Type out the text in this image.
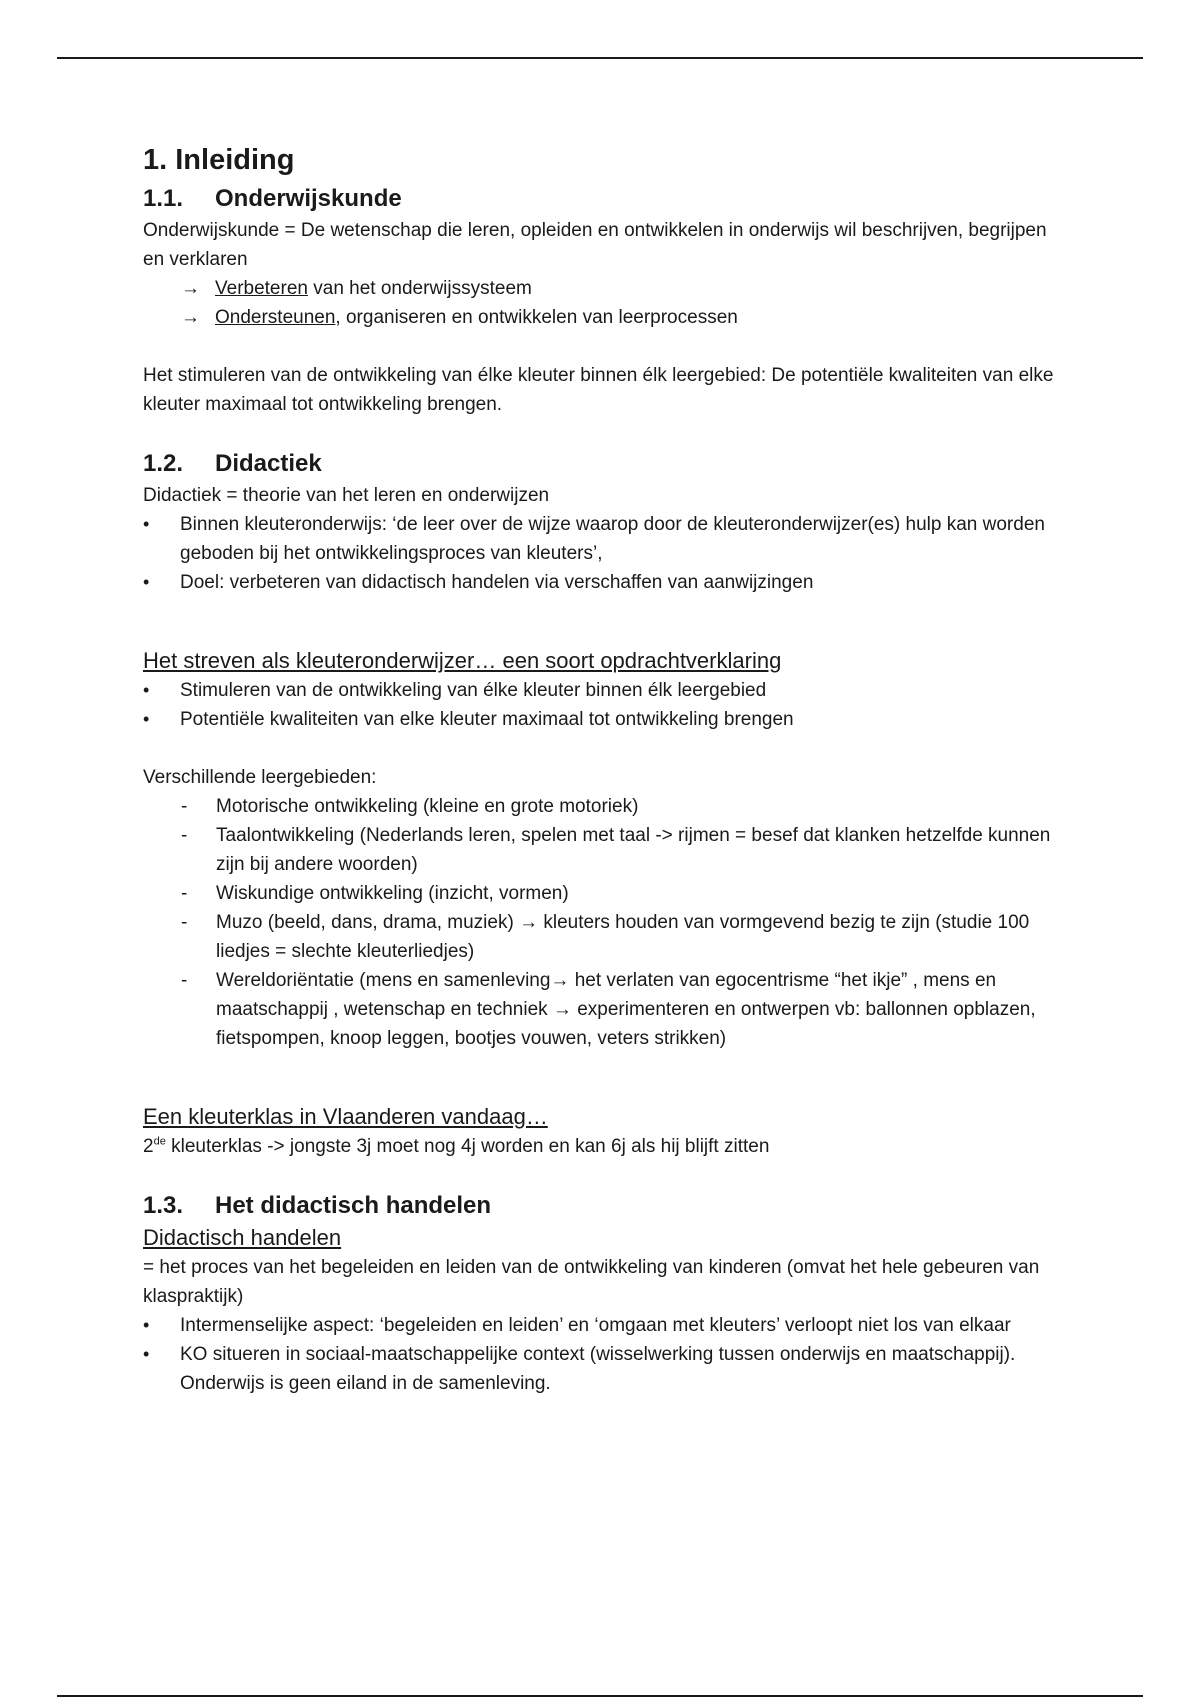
1. Inleiding
1.1. Onderwijskunde

Onderwijskunde = De wetenschap die leren, opleiden en ontwikkelen in onderwijs wil beschrijven, begrijpen en verklaren

→ Verbeteren van het onderwijssysteem
→ Ondersteunen, organiseren en ontwikkelen van leerprocessen

Het stimuleren van de ontwikkeling van élke kleuter binnen élk leergebied: De potentiële kwaliteiten van elke kleuter maximaal tot ontwikkeling brengen.

1.2. Didactiek

Didactiek = theorie van het leren en onderwijzen

• Binnen kleuteronderwijs: ‘de leer over de wijze waarop door de kleuteronderwijzer(es) hulp kan worden geboden bij het ontwikkelingsproces van kleuters’,
• Doel: verbeteren van didactisch handelen via verschaffen van aanwijzingen

Het streven als kleuteronderwijzer… een soort opdrachtverklaring

• Stimuleren van de ontwikkeling van élke kleuter binnen élk leergebied
• Potentiële kwaliteiten van elke kleuter maximaal tot ontwikkeling brengen

Verschillende leergebieden:

- Motorische ontwikkeling (kleine en grote motoriek)
- Taalontwikkeling (Nederlands leren, spelen met taal -> rijmen = besef dat klanken hetzelfde kunnen zijn bij andere woorden)
- Wiskundige ontwikkeling (inzicht, vormen)
- Muzo (beeld, dans, drama, muziek) → kleuters houden van vormgevend bezig te zijn (studie 100 liedjes = slechte kleuterliedjes)
- Wereldoriëntatie (mens en samenleving→ het verlaten van egocentrisme “het ikje” , mens en maatschappij , wetenschap en techniek → experimenteren en ontwerpen vb: ballonnen opblazen, fietspompen, knoop leggen, bootjes vouwen, veters strikken)

Een kleuterklas in Vlaanderen vandaag…

2de kleuterklas -> jongste 3j moet nog 4j worden en kan 6j als hij blijft zitten

1.3. Het didactisch handelen

Didactisch handelen

= het proces van het begeleiden en leiden van de ontwikkeling van kinderen (omvat het hele gebeuren van klaspraktijk)

• Intermenselijke aspect: ‘begeleiden en leiden’ en ‘omgaan met kleuters’ verloopt niet los van elkaar
• KO situeren in sociaal-maatschappelijke context (wisselwerking tussen onderwijs en maatschappij).
Onderwijs is geen eiland in de samenleving.
